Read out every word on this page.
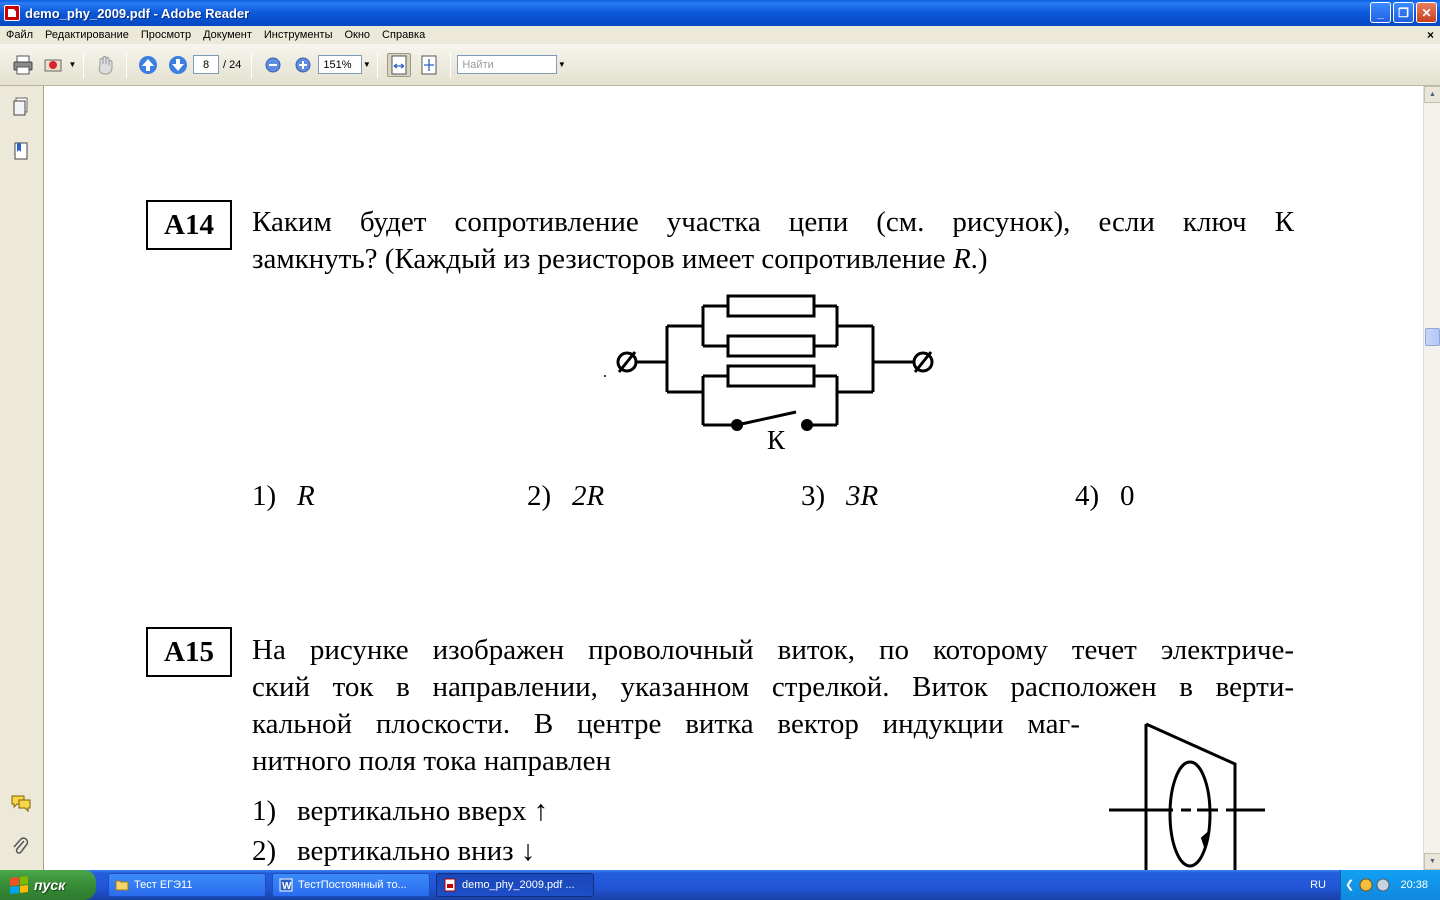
demo_phy_2009.pdf - Adobe Reader	_	❐	✕
Файл	Редактирование	Просмотр	Документ	Инструменты	Окно	Справка	×
▼	8	/ 24	151%	▼	Найти	▼
А14	Каким будет сопротивление участка цепи (см. рисунок), если ключ К
замкнуть? (Каждый из резисторов имеет сопротивление R.)
К
1) R	2) 2R	3) 3R	4) 0
А15	На рисунке изображен проволочный виток, по которому течет электриче-
ский ток в направлении, указанном стрелкой. Виток расположен в верти-
кальной плоскости. В центре витка вектор индукции маг-
нитного поля тока направлен
1) вертикально вверх ↑
2) вертикально вниз ↓
▲
▼
пуск	Тест ЕГЭ11	W ТестПостоянный то...	demo_phy_2009.pdf ...	RU ❮	20:38
